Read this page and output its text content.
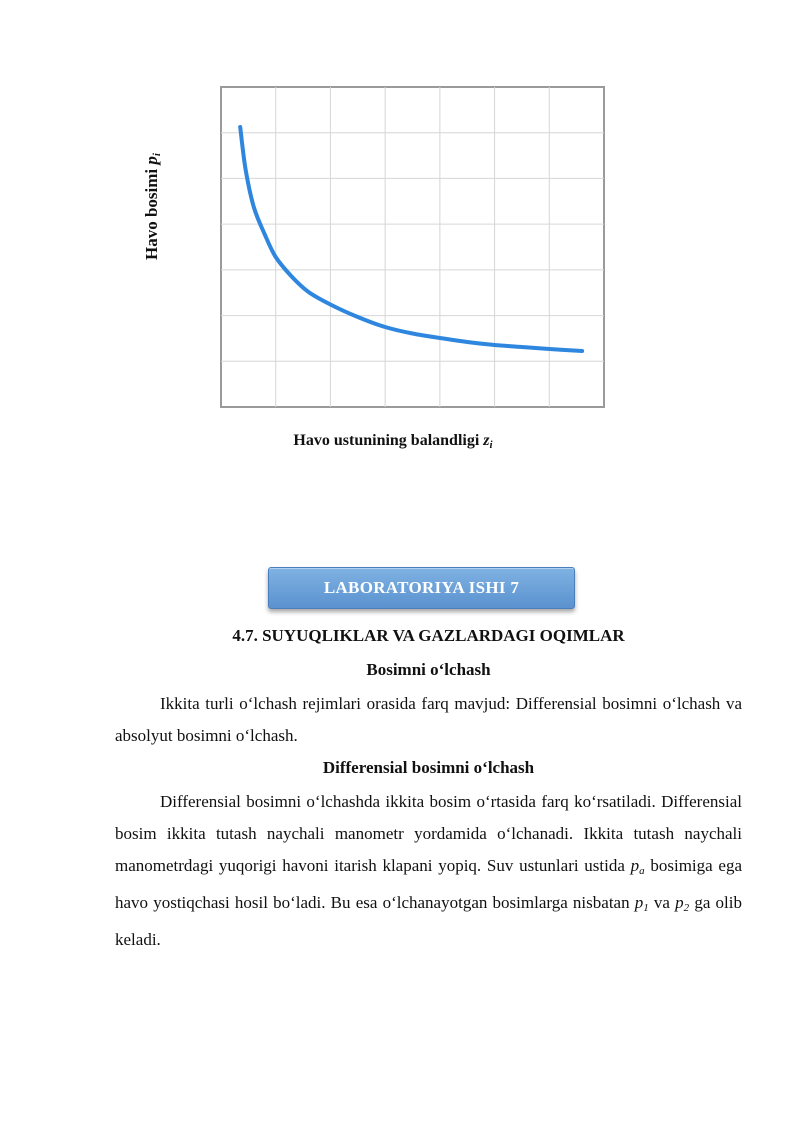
Havo bosimi $p_i$
Havo ustunining balandligi $z_i$
LABORATORIYA ISHI 7
4.7. SUYUQLIKLAR VA GAZLARDAGI OQIMLAR
Bosimni o‘lchash

Ikkita turli o‘lchash rejimlari orasida farq mavjud: Differensial bosimni o‘lchash va absolyut bosimni o‘lchash.

Differensial bosimni o‘lchash

Differensial bosimni o‘lchashda ikkita bosim o‘rtasida farq ko‘rsatiladi. Differensial bosim ikkita tutash naychali manometr yordamida o‘lchanadi. Ikkita tutash naychali manometrdagi yuqorigi havoni itarish klapani yopiq. Suv ustunlari ustida pa bosimiga ega havo yostiqchasi hosil bo‘ladi. Bu esa o‘lchanayotgan bosimlarga nisbatan p1 va p2 ga olib keladi.
